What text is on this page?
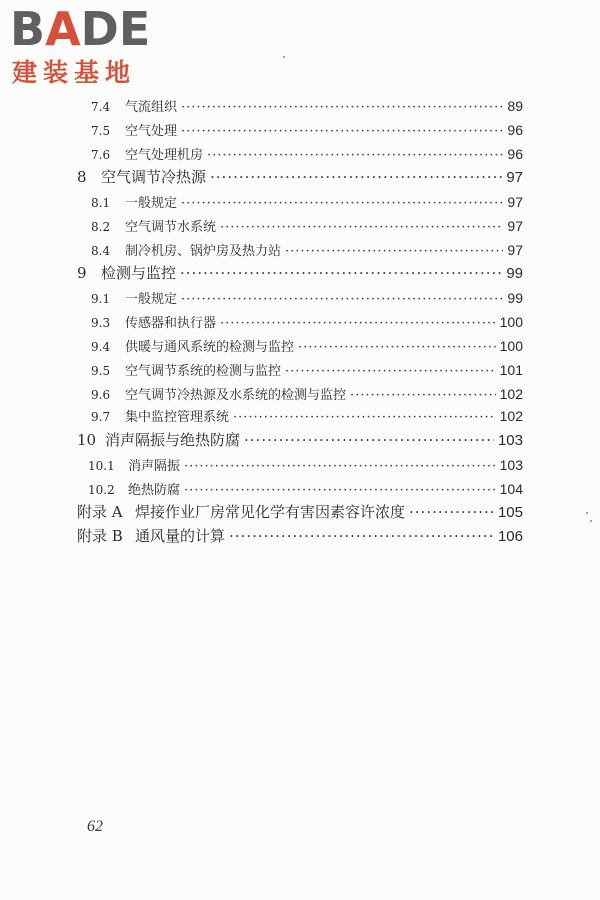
BADE
建装基地
7.4	气流组织 ·····	89
7.5	空气处理 ·····	96
7.6	空气处理机房 ·····	96
8 空气调节冷热源 ·····	97
8.1	一般规定 ·····	97
8.2	空气调节水系统 ·····	97
8.4	制冷机房、锅炉房及热力站 ·····	97
9 检测与监控 ·····	99
9.1	一般规定 ·····	99
9.3	传感器和执行器 ·····	100
9.4	供暖与通风系统的检测与监控 ·····	100
9.5	空气调节系统的检测与监控 ·····	101
9.6	空气调节冷热源及水系统的检测与监控 ·····	102
9.7	集中监控管理系统 ·····	102
10 消声隔振与绝热防腐 ·····	103
10.1	消声隔振 ·····	103
10.2	绝热防腐 ·····	104
附录 A 焊接作业厂房常见化学有害因素容许浓度 ·····	105
附录 B 通风量的计算 ·····	106
62
